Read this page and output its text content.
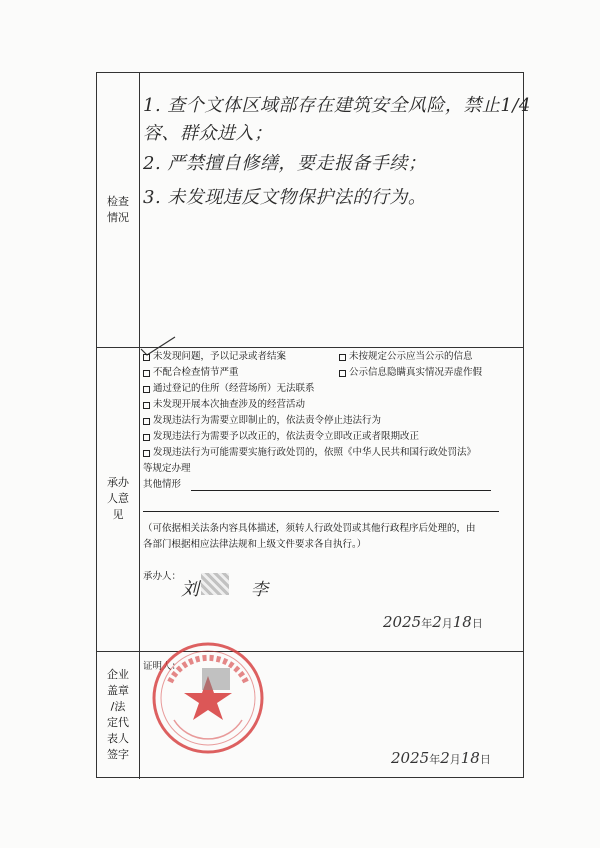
检查
情况
1. 查个文体区域部存在建筑安全风险，禁止1/4
容、群众进入；
2. 严禁擅自修缮，要走报备手续；
3. 未发现违反文物保护法的行为。
承办
人意
见
未发现问题，予以记录或者结案	未按规定公示应当公示的信息
不配合检查情节严重	公示信息隐瞒真实情况弄虚作假
通过登记的住所（经营场所）无法联系
未发现开展本次抽查涉及的经营活动
发现违法行为需要立即制止的，依法责令停止违法行为
发现违法行为需要予以改正的，依法责令立即改正或者限期改正
发现违法行为可能需要实施行政处罚的，依照《中华人民共和国行政处罚法》
等规定办理
其他情形
（可依据相关法条内容具体描述，须转人行政处罚或其他行政程序后处理的，由
各部门根据相应法律法规和上级文件要求各自执行。）
承办人：
刘	李
2025年2月18日
企业
盖章
/法
定代
表人
签字
证明人：
2025年2月18日
